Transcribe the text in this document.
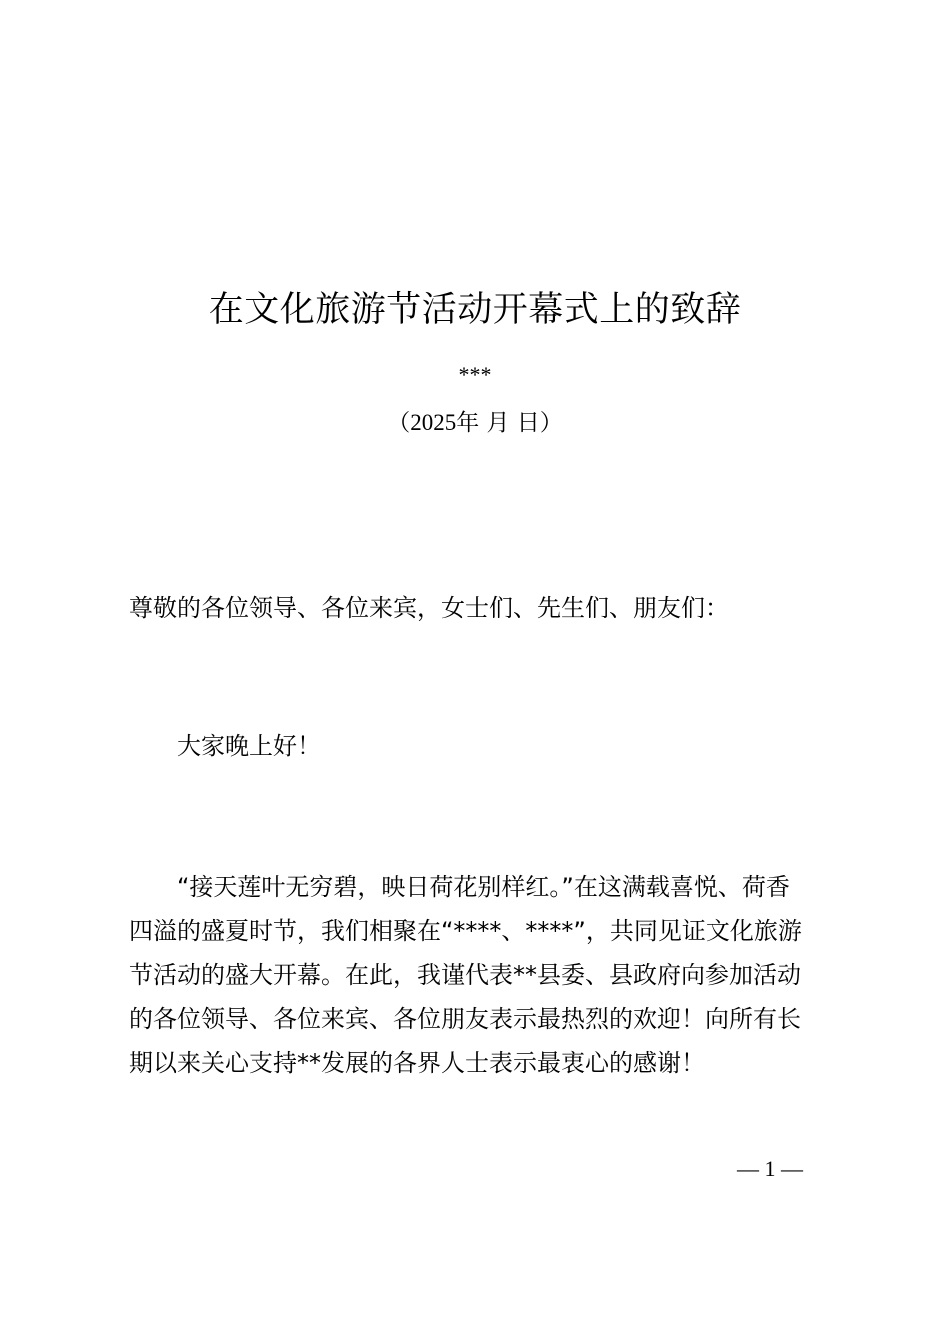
在文化旅游节活动开幕式上的致辞
***
（2025年 月 日）
尊敬的各位领导、各位来宾，女士们、先生们、朋友们：
大家晚上好！
“接天莲叶无穷碧，映日荷花别样红。”在这满载喜悦、荷香
四溢的盛夏时节，我们相聚在“****、****”，共同见证文化旅游
节活动的盛大开幕。在此，我谨代表**县委、县政府向参加活动
的各位领导、各位来宾、各位朋友表示最热烈的欢迎！向所有长
期以来关心支持**发展的各界人士表示最衷心的感谢！
— 1 —
